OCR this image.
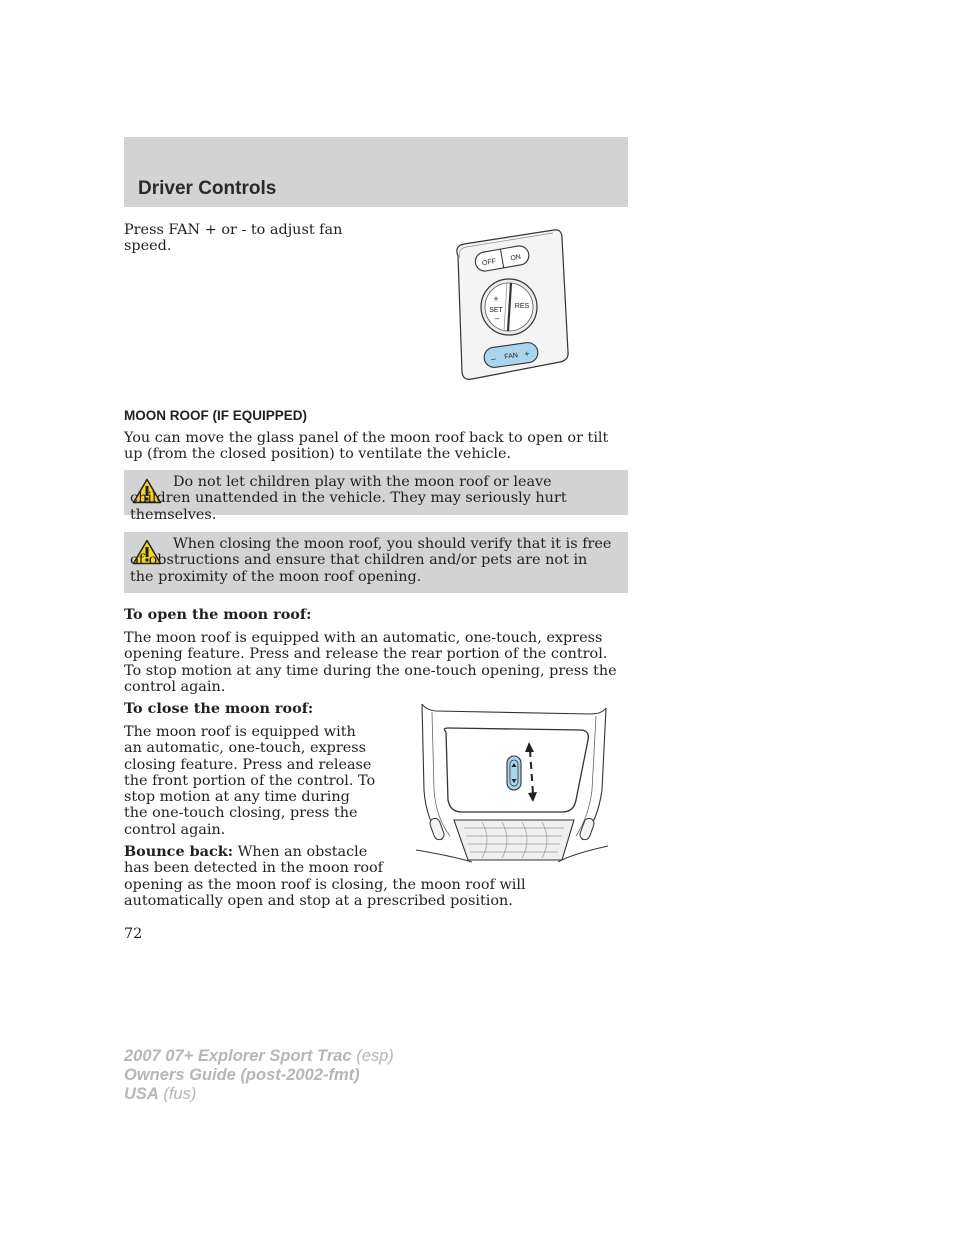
Driver Controls

Press FAN + or - to adjust fan speed.

OFF
ON
+
SET
–
RES
– FAN +
MOON ROOF (IF EQUIPPED)

You can move the glass panel of the moon roof back to open or tilt up (from the closed position) to ventilate the vehicle.

Do not let children play with the moon roof or leave children unattended in the vehicle. They may seriously hurt themselves.

When closing the moon roof, you should verify that it is free of obstructions and ensure that children and/or pets are not in the proximity of the moon roof opening.

To open the moon roof:

The moon roof is equipped with an automatic, one-touch, express opening feature. Press and release the rear portion of the control. To stop motion at any time during the one-touch opening, press the control again.

To close the moon roof:

The moon roof is equipped with an automatic, one-touch, express closing feature. Press and release the front portion of the control. To stop motion at any time during the one-touch closing, press the control again.

Bounce back: When an obstacle has been detected in the moon roof

opening as the moon roof is closing, the moon roof will automatically open and stop at a prescribed position.

72

2007 07+ Explorer Sport Trac (esp)
Owners Guide (post-2002-fmt)
USA (fus)
